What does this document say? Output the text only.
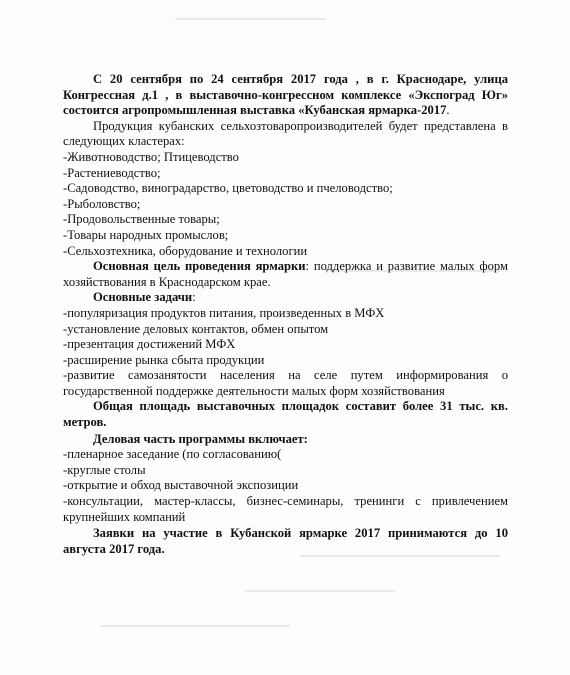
С 20 сентября по 24 сентября 2017 года , в г. Краснодаре, улица Конгрессная д.1 , в выставочно-конгрессном комплексе «Экспоград Юг» состоится агропромышленная выставка «Кубанская ярмарка-2017.

Продукция кубанских сельхозтоваропроизводителей будет представлена в следующих кластерах:

-Животноводство; Птицеводство

-Растениеводство;

-Садоводство, виноградарство, цветоводство и пчеловодство;

-Рыболовство;

-Продовольственные товары;

-Товары народных промыслов;

-Сельхозтехника, оборудование и технологии

Основная цель проведения ярмарки: поддержка и развитие малых форм хозяйствования в Краснодарском крае.

Основные задачи:

-популяризация продуктов питания, произведенных в МФХ

-установление деловых контактов, обмен опытом

-презентация достижений МФХ

-расширение рынка сбыта продукции

-развитие самозанятости населения на селе путем информирования о государственной поддержке деятельности малых форм хозяйствования

Общая площадь выставочных площадок составит более 31 тыс. кв. метров.

Деловая часть программы включает:

-пленарное заседание (по согласованию(

-круглые столы

-открытие и обход выставочной экспозиции

-консультации, мастер-классы, бизнес-семинары, тренинги с привлечением крупнейших компаний

Заявки на участие в Кубанской ярмарке 2017 принимаются до 10 августа 2017 года.
